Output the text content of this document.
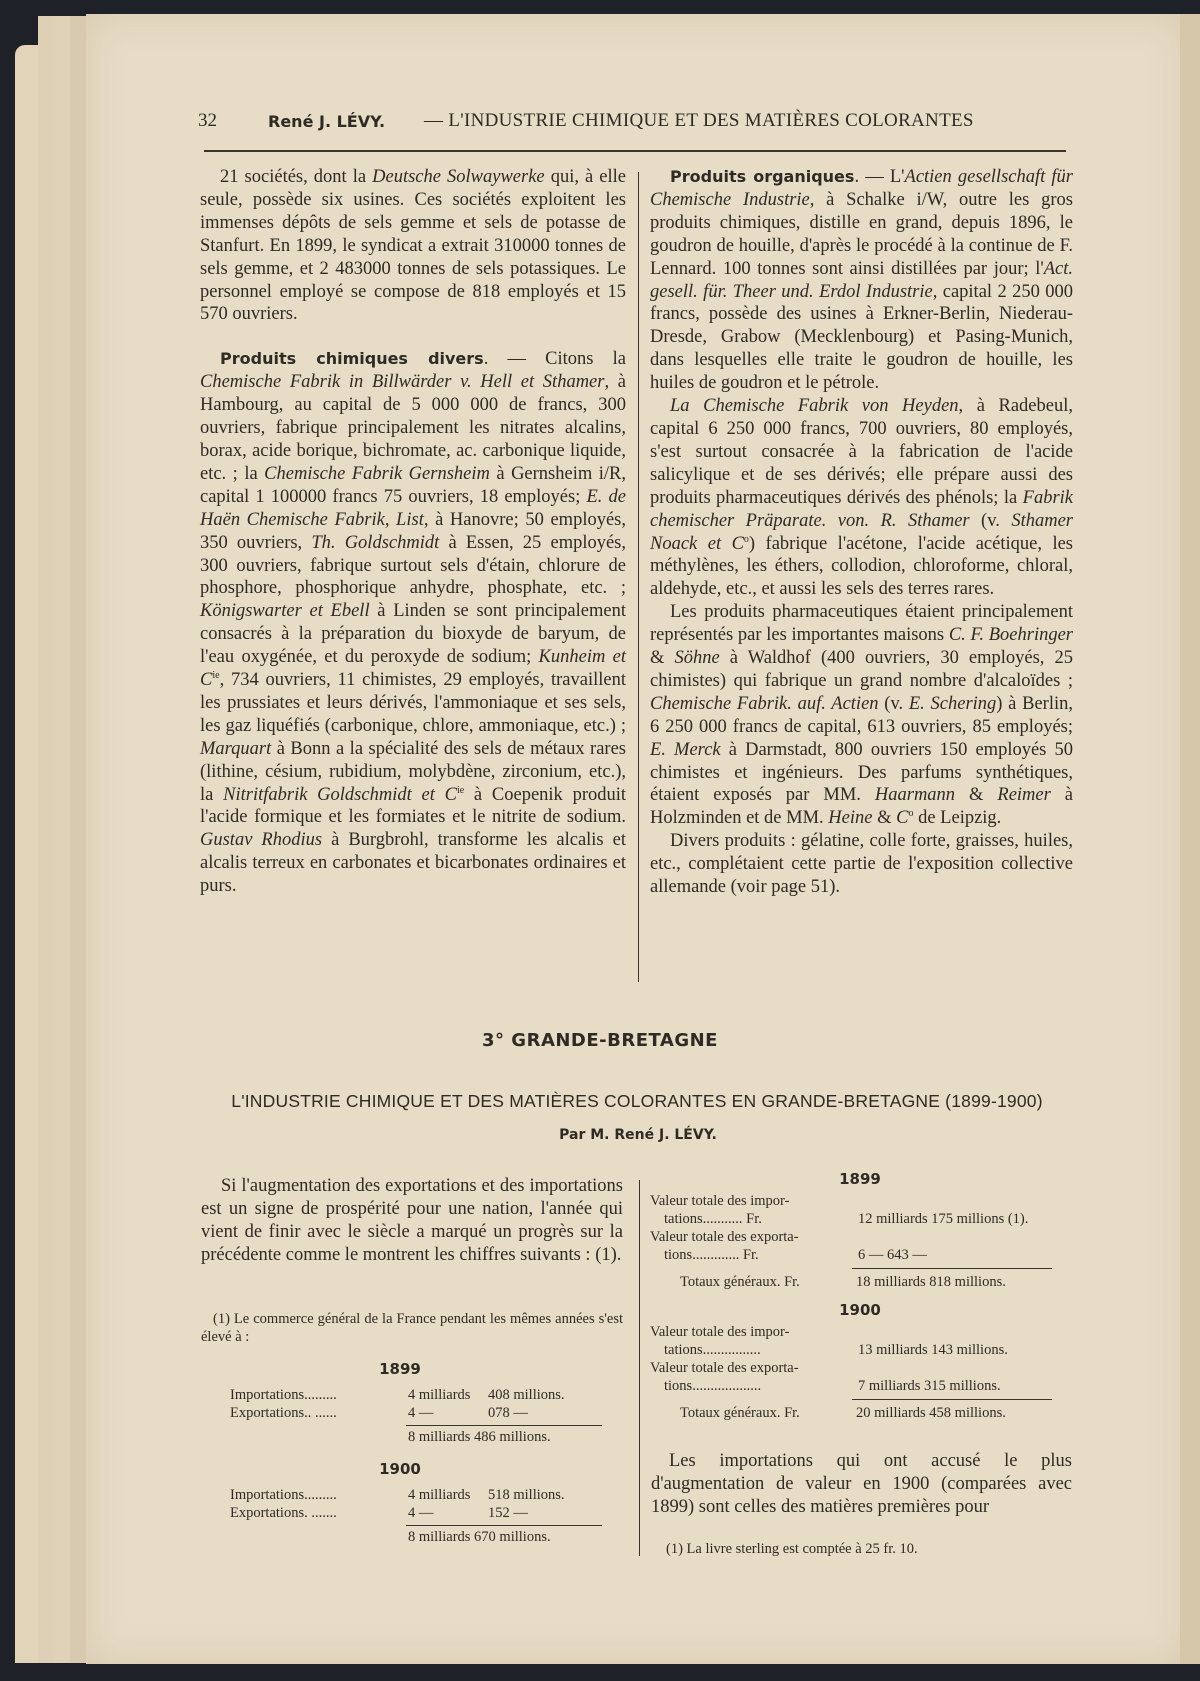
32	René J. LÉVY. — L'INDUSTRIE CHIMIQUE ET DES MATIÈRES COLORANTES

21 sociétés, dont la Deutsche Solwaywerke qui, à elle seule, possède six usines. Ces sociétés exploitent les immenses dépôts de sels gemme et sels de potasse de Stanfurt. En 1899, le syndicat a extrait 310000 tonnes de sels gemme, et 2 483000 tonnes de sels potassiques. Le personnel employé se compose de 818 employés et 15 570 ouvriers.

Produits chimiques divers. — Citons la Chemische Fabrik in Billwärder v. Hell et Sthamer, à Hambourg, au capital de 5 000 000 de francs, 300 ouvriers, fabrique principalement les nitrates alcalins, borax, acide borique, bichromate, ac. carbonique liquide, etc. ; la Chemische Fabrik Gernsheim à Gernsheim i/R, capital 1 100000 francs 75 ouvriers, 18 employés; E. de Haën Chemische Fabrik, List, à Hanovre; 50 employés, 350 ouvriers, Th. Goldschmidt à Essen, 25 employés, 300 ouvriers, fabrique surtout sels d'étain, chlorure de phosphore, phosphorique anhydre, phosphate, etc. ; Königswarter et Ebell à Linden se sont principalement consacrés à la préparation du bioxyde de baryum, de l'eau oxygénée, et du peroxyde de sodium; Kunheim et $C^{ie}$, 734 ouvriers, 11 chimistes, 29 employés, travaillent les prussiates et leurs dérivés, l'ammoniaque et ses sels, les gaz liquéfiés (carbonique, chlore, ammoniaque, etc.) ; Marquart à Bonn a la spécialité des sels de métaux rares (lithine, césium, rubidium, molybdène, zirconium, etc.), la Nitritfabrik Goldschmidt et $C^{ie}$ à Coepenik produit l'acide formique et les formiates et le nitrite de sodium. Gustav Rhodius à Burgbrohl, transforme les alcalis et alcalis terreux en carbonates et bicarbonates ordinaires et purs.

Produits organiques. — L'Actien gesellschaft für Chemische Industrie, à Schalke i/W, outre les gros produits chimiques, distille en grand, depuis 1896, le goudron de houille, d'après le procédé à la continue de F. Lennard. 100 tonnes sont ainsi distillées par jour; l'Act. gesell. für. Theer und. Erdol Industrie, capital 2 250 000 francs, possède des usines à Erkner-Berlin, Niederau-Dresde, Grabow (Mecklenbourg) et Pasing-Munich, dans lesquelles elle traite le goudron de houille, les huiles de goudron et le pétrole.

La Chemische Fabrik von Heyden, à Radebeul, capital 6 250 000 francs, 700 ouvriers, 80 employés, s'est surtout consacrée à la fabrication de l'acide salicylique et de ses dérivés; elle prépare aussi des produits pharmaceutiques dérivés des phénols; la Fabrik chemischer Präparate. von. R. Sthamer (v. Sthamer Noack et $C^o$) fabrique l'acétone, l'acide acétique, les méthylènes, les éthers, collodion, chloroforme, chloral, aldehyde, etc., et aussi les sels des terres rares.

Les produits pharmaceutiques étaient principalement représentés par les importantes maisons C. F. Boehringer & Söhne à Waldhof (400 ouvriers, 30 employés, 25 chimistes) qui fabrique un grand nombre d'alcaloïdes ; Chemische Fabrik. auf. Actien (v. E. Schering) à Berlin, 6 250 000 francs de capital, 613 ouvriers, 85 employés; E. Merck à Darmstadt, 800 ouvriers 150 employés 50 chimistes et ingénieurs. Des parfums synthétiques, étaient exposés par MM. Haarmann & Reimer à Holzminden et de MM. Heine & $C^o$ de Leipzig.

Divers produits : gélatine, colle forte, graisses, huiles, etc., complétaient cette partie de l'exposition collective allemande (voir page 51).

3° GRANDE-BRETAGNE
L'INDUSTRIE CHIMIQUE ET DES MATIÈRES COLORANTES EN GRANDE-BRETAGNE (1899-1900)
Par M. René J. LÉVY.
Si l'augmentation des exportations et des importations est un signe de prospérité pour une nation, l'année qui vient de finir avec le siècle a marqué un progrès sur la précédente comme le montrent les chiffres suivants : (1).
(1) Le commerce général de la France pendant les mêmes années s'est élevé à :
1899
Importations.........	4 milliards 408 millions.
Exportations.. ......	4 —	078 —
8 milliards 486 millions.
1900
Importations.........	4 milliards 518 millions.
Exportations. .......	4 —	152 —
8 milliards 670 millions.
1899
Valeur totale des impor-
tations........... Fr.	12 milliards 175 millions (1).
Valeur totale des exporta-
tions............. Fr.	6 — 643 —
Totaux généraux. Fr.	18 milliards 818 millions.
1900
Valeur totale des impor-
tations................	13 milliards 143 millions.
Valeur totale des exporta-
tions...................	7 milliards 315 millions.
Totaux généraux. Fr.	20 milliards 458 millions.
Les importations qui ont accusé le plus d'augmentation de valeur en 1900 (comparées avec 1899) sont celles des matières premières pour
(1) La livre sterling est comptée à 25 fr. 10.
